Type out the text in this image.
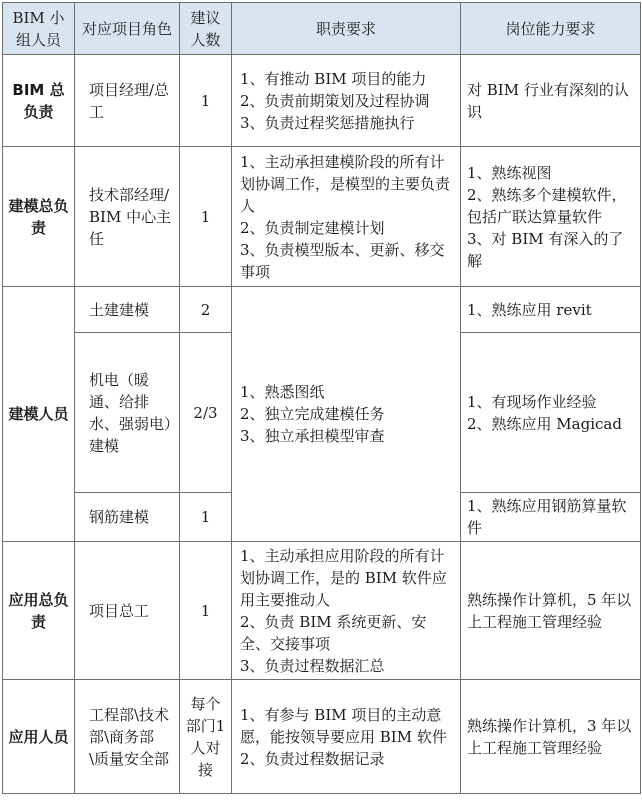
BIM 小组人员	对应项目角色	建议人数	职责要求	岗位能力要求
BIM 总负责	项目经理/总工	1	1、有推动 BIM 项目的能力
2、负责前期策划及过程协调
3、负责过程奖惩措施执行	对 BIM 行业有深刻的认识

建模总负责	技术部经理/BIM 中心主任	1	1、主动承担建模阶段的所有计划协调工作，是模型的主要负责人
2、负责制定建模计划
3、负责模型版本、更新、移交事项	1、熟练视图
2、熟练多个建模软件，包括广联达算量软件
3、对 BIM 有深入的了解

建模人员	土建建模	2	1、熟悉图纸
2、独立完成建模任务
3、独立承担模型审查	1、熟练应用 revit

	机电（暖通、给排水、强弱电）建模	2/3		1、有现场作业经验
2、熟练应用 Magicad

	钢筋建模	1		1、熟练应用钢筋算量软件

应用总负责	项目总工	1	1、主动承担应用阶段的所有计划协调工作，是的 BIM 软件应用主要推动人
2、负责 BIM 系统更新、安全、交接事项
3、负责过程数据汇总	熟练操作计算机，5 年以上工程施工管理经验

应用人员	工程部\技术部\商务部\质量安全部	每个部门1人对接	1、有参与 BIM 项目的主动意愿，能按领导要应用 BIM 软件
2、负责过程数据记录	熟练操作计算机，3 年以上工程施工管理经验
